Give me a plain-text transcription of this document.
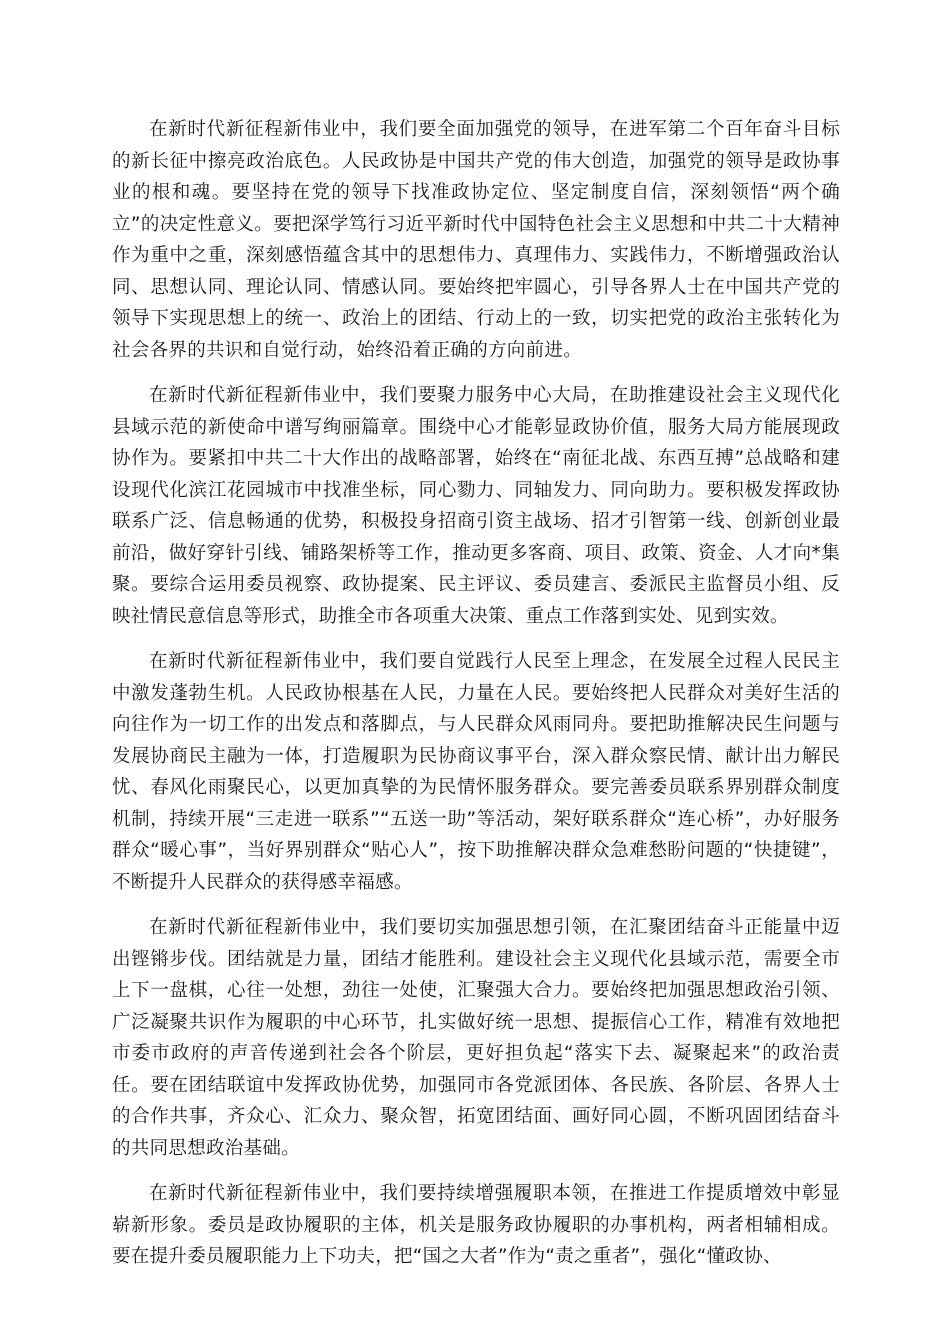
在新时代新征程新伟业中，我们要全面加强党的领导，在进军第二个百年奋斗目标的新长征中擦亮政治底色。人民政协是中国共产党的伟大创造，加强党的领导是政协事业的根和魂。要坚持在党的领导下找准政协定位、坚定制度自信，深刻领悟“两个确立”的决定性意义。要把深学笃行习近平新时代中国特色社会主义思想和中共二十大精神作为重中之重，深刻感悟蕴含其中的思想伟力、真理伟力、实践伟力，不断增强政治认同、思想认同、理论认同、情感认同。要始终把牢圆心，引导各界人士在中国共产党的领导下实现思想上的统一、政治上的团结、行动上的一致，切实把党的政治主张转化为社会各界的共识和自觉行动，始终沿着正确的方向前进。

在新时代新征程新伟业中，我们要聚力服务中心大局，在助推建设社会主义现代化县域示范的新使命中谱写绚丽篇章。围绕中心才能彰显政协价值，服务大局方能展现政协作为。要紧扣中共二十大作出的战略部署，始终在“南征北战、东西互搏”总战略和建设现代化滨江花园城市中找准坐标，同心勠力、同轴发力、同向助力。要积极发挥政协联系广泛、信息畅通的优势，积极投身招商引资主战场、招才引智第一线、创新创业最前沿，做好穿针引线、铺路架桥等工作，推动更多客商、项目、政策、资金、人才向*集聚。要综合运用委员视察、政协提案、民主评议、委员建言、委派民主监督员小组、反映社情民意信息等形式，助推全市各项重大决策、重点工作落到实处、见到实效。

在新时代新征程新伟业中，我们要自觉践行人民至上理念，在发展全过程人民民主中激发蓬勃生机。人民政协根基在人民，力量在人民。要始终把人民群众对美好生活的向往作为一切工作的出发点和落脚点，与人民群众风雨同舟。要把助推解决民生问题与发展协商民主融为一体，打造履职为民协商议事平台，深入群众察民情、献计出力解民忧、春风化雨聚民心，以更加真挚的为民情怀服务群众。要完善委员联系界别群众制度机制，持续开展“三走进一联系”“五送一助”等活动，架好联系群众“连心桥”，办好服务群众“暖心事”，当好界别群众“贴心人”，按下助推解决群众急难愁盼问题的“快捷键”，不断提升人民群众的获得感幸福感。

在新时代新征程新伟业中，我们要切实加强思想引领，在汇聚团结奋斗正能量中迈出铿锵步伐。团结就是力量，团结才能胜利。建设社会主义现代化县域示范，需要全市上下一盘棋，心往一处想，劲往一处使，汇聚强大合力。要始终把加强思想政治引领、广泛凝聚共识作为履职的中心环节，扎实做好统一思想、提振信心工作，精准有效地把市委市政府的声音传递到社会各个阶层，更好担负起“落实下去、凝聚起来”的政治责任。要在团结联谊中发挥政协优势，加强同市各党派团体、各民族、各阶层、各界人士的合作共事，齐众心、汇众力、聚众智，拓宽团结面、画好同心圆，不断巩固团结奋斗的共同思想政治基础。

在新时代新征程新伟业中，我们要持续增强履职本领，在推进工作提质增效中彰显崭新形象。委员是政协履职的主体，机关是服务政协履职的办事机构，两者相辅相成。要在提升委员履职能力上下功夫，把“国之大者”作为“责之重者”，强化“懂政协、
